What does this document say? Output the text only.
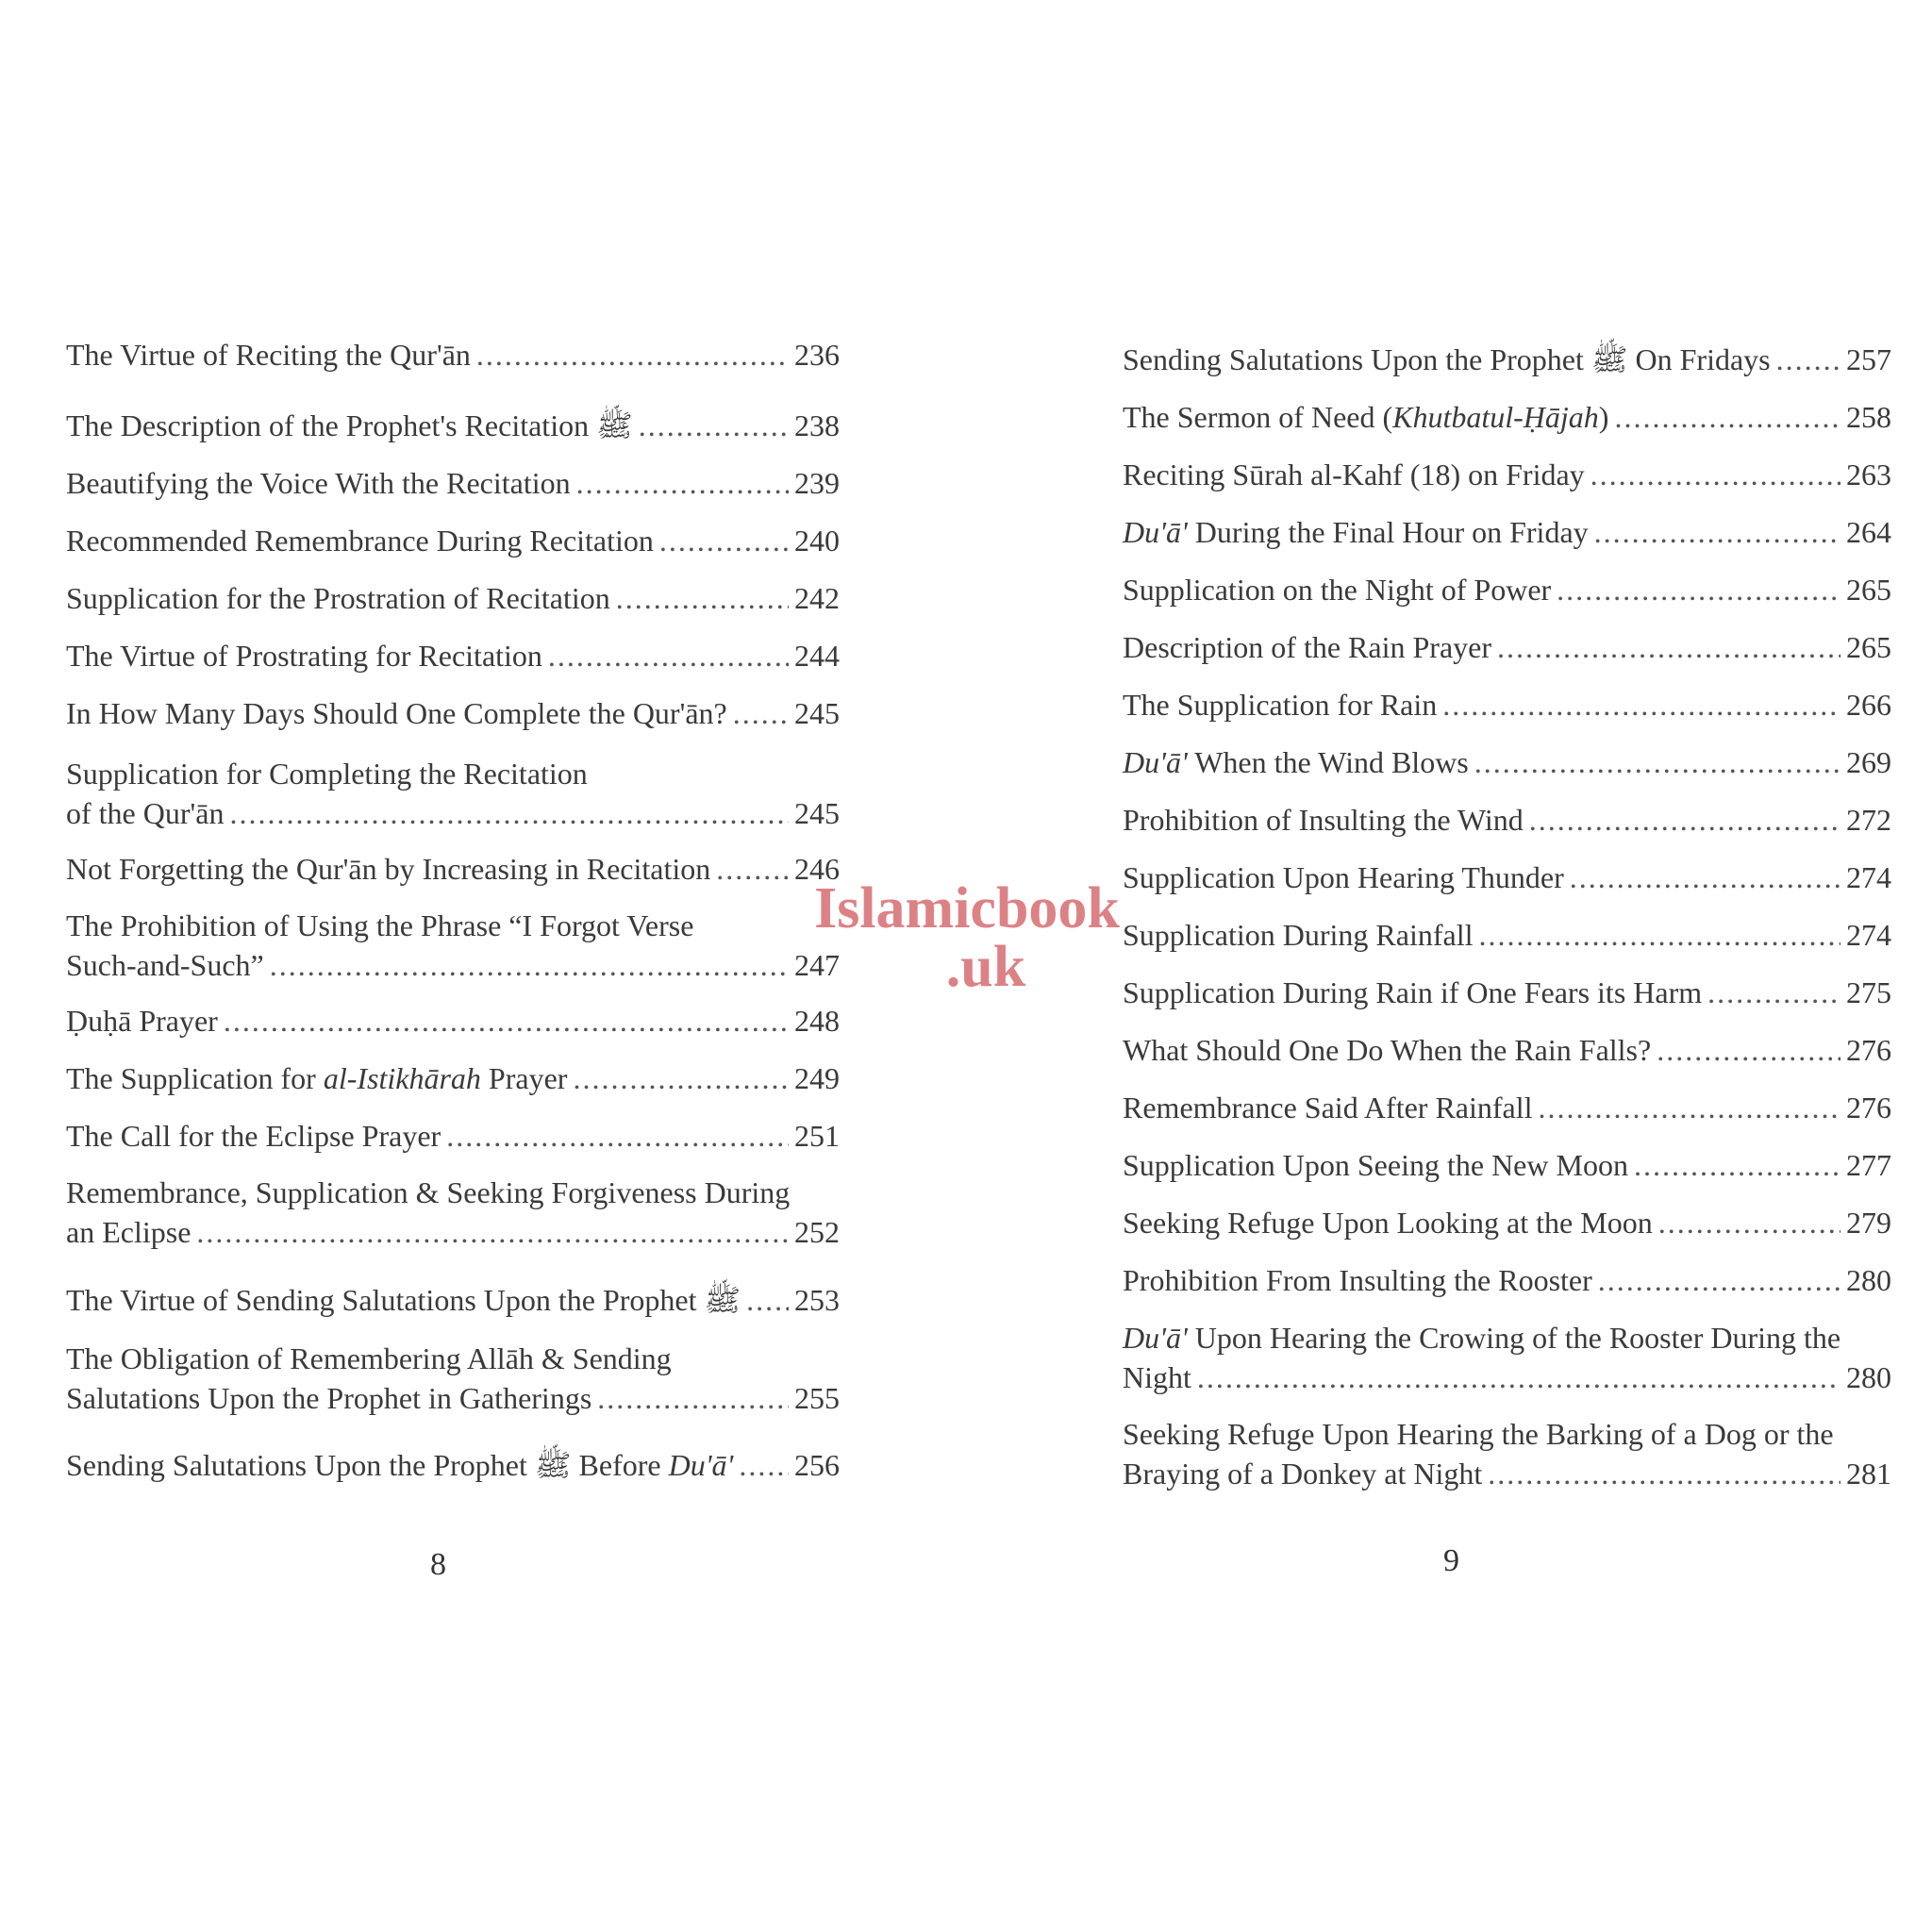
The Virtue of Reciting the Qur'ān .....	236
The Description of the Prophet's Recitation ﷺ .....	238
Beautifying the Voice With the Recitation .....	239
Recommended Remembrance During Recitation .....	240
Supplication for the Prostration of Recitation .....	242
The Virtue of Prostrating for Recitation .....	244
In How Many Days Should One Complete the Qur'ān? ..... 245
Supplication for Completing the Recitation
of the Qur'ān .....	245
Not Forgetting the Qur'ān by Increasing in Recitation .....	246
The Prohibition of Using the Phrase “I Forgot Verse
Such-and-Such” .....	247
Ḍuḥā Prayer .....	248
The Supplication for al-Istikhārah Prayer .....	249
The Call for the Eclipse Prayer .....	251
Remembrance, Supplication & Seeking Forgiveness During
an Eclipse .....	252
The Virtue of Sending Salutations Upon the Prophet ﷺ ..... 253
The Obligation of Remembering Allāh & Sending
Salutations Upon the Prophet in Gatherings .....	255
Sending Salutations Upon the Prophet ﷺ Before Du'ā' ..... 256
8
Sending Salutations Upon the Prophet ﷺ On Fridays .....	257
The Sermon of Need (Khutbatul-Ḥājah) .....	258
Reciting Sūrah al-Kahf (18) on Friday .....	263
Du'ā' During the Final Hour on Friday .....	264
Supplication on the Night of Power .....	265
Description of the Rain Prayer .....	265
The Supplication for Rain .....	266
Du'ā' When the Wind Blows .....	269
Prohibition of Insulting the Wind .....	272
Supplication Upon Hearing Thunder .....	274
Supplication During Rainfall .....	274
Supplication During Rain if One Fears its Harm .....	275
What Should One Do When the Rain Falls? .....	276
Remembrance Said After Rainfall .....	276
Supplication Upon Seeing the New Moon .....	277
Seeking Refuge Upon Looking at the Moon .....	279
Prohibition From Insulting the Rooster .....	280
Du'ā' Upon Hearing the Crowing of the Rooster During the
Night .....	280
Seeking Refuge Upon Hearing the Barking of a Dog or the
Braying of a Donkey at Night .....	281
9
Islamicbook
.uk
